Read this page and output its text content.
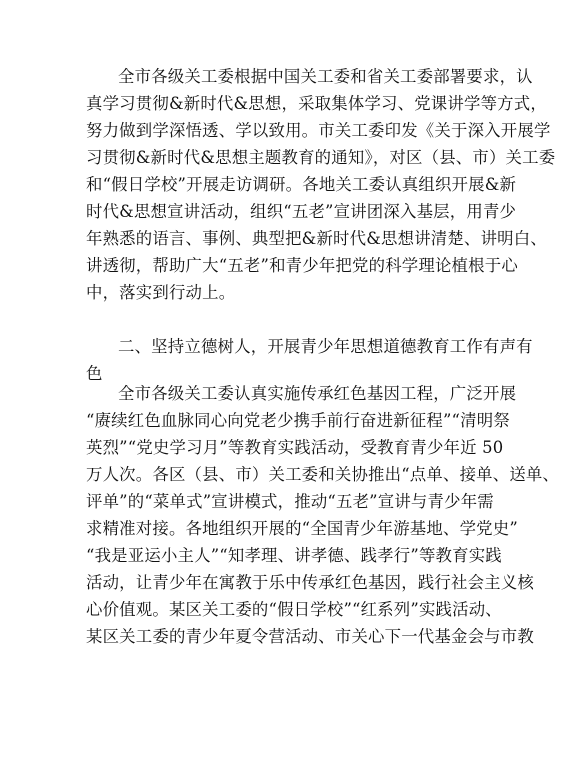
全市各级关工委根据中国关工委和省关工委部署要求，认
真学习贯彻&新时代&思想，采取集体学习、党课讲学等方式，
努力做到学深悟透、学以致用。市关工委印发《关于深入开展学
习贯彻&新时代&思想主题教育的通知》，对区（县、市）关工委
和“假日学校”开展走访调研。各地关工委认真组织开展&新
时代&思想宣讲活动，组织“五老”宣讲团深入基层，用青少
年熟悉的语言、事例、典型把&新时代&思想讲清楚、讲明白、
讲透彻，帮助广大“五老”和青少年把党的科学理论植根于心
中，落实到行动上。
二、坚持立德树人，开展青少年思想道德教育工作有声有
色
全市各级关工委认真实施传承红色基因工程，广泛开展
“赓续红色血脉同心向党老少携手前行奋进新征程”“清明祭
英烈”“党史学习月”等教育实践活动，受教育青少年近 50
万人次。各区（县、市）关工委和关协推出“点单、接单、送单、
评单”的“菜单式”宣讲模式，推动“五老”宣讲与青少年需
求精准对接。各地组织开展的“全国青少年游基地、学党史”
“我是亚运小主人”“知孝理、讲孝德、践孝行”等教育实践
活动，让青少年在寓教于乐中传承红色基因，践行社会主义核
心价值观。某区关工委的“假日学校”“红系列”实践活动、
某区关工委的青少年夏令营活动、市关心下一代基金会与市教
